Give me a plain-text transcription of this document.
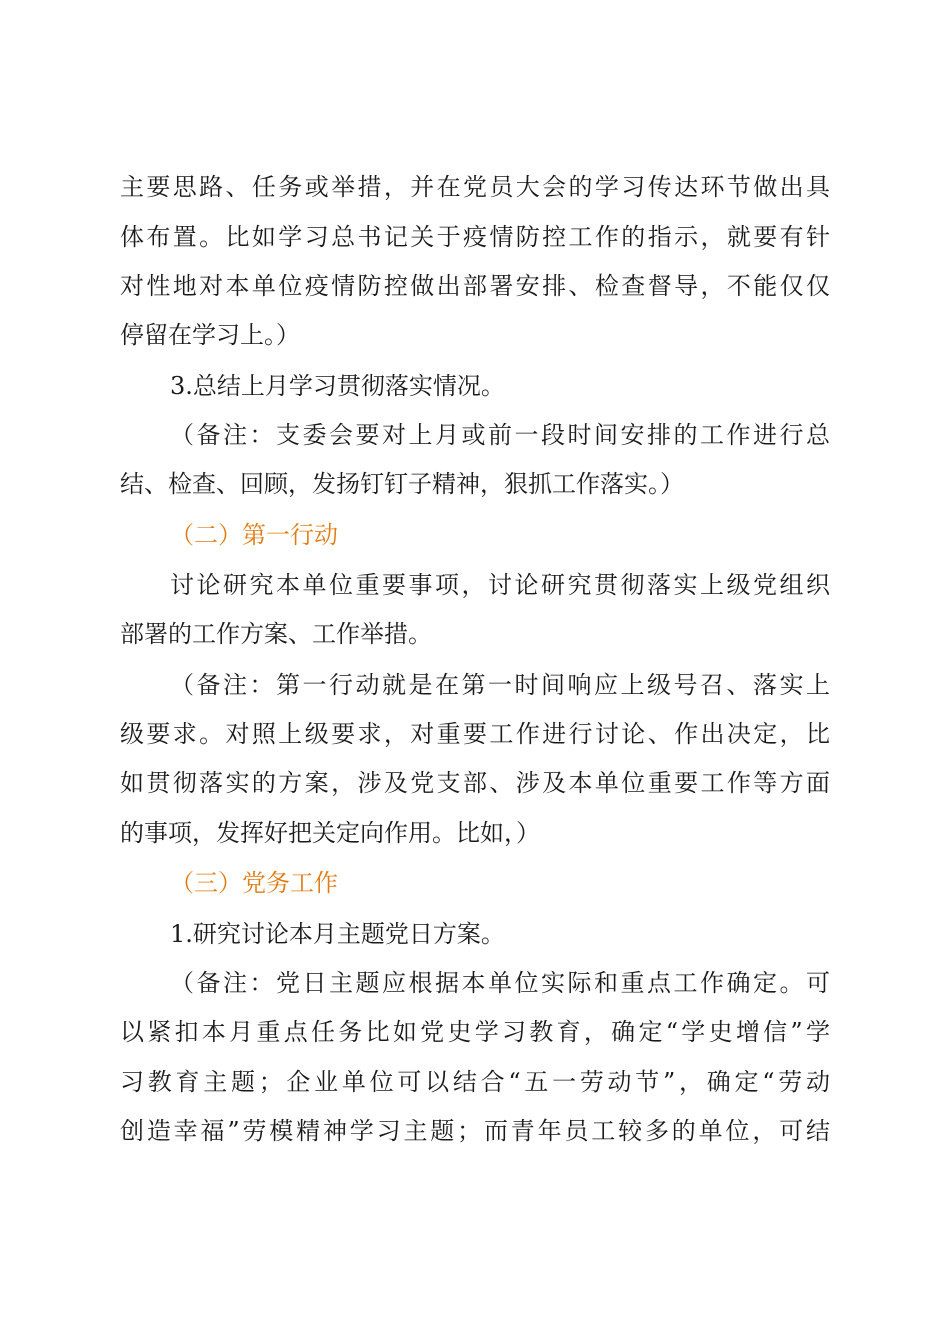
主要思路、任务或举措，并在党员大会的学习传达环节做出具
体布置。比如学习总书记关于疫情防控工作的指示，就要有针
对性地对本单位疫情防控做出部署安排、检查督导，不能仅仅
停留在学习上。）
3.总结上月学习贯彻落实情况。
（备注：支委会要对上月或前一段时间安排的工作进行总
结、检查、回顾，发扬钉钉子精神，狠抓工作落实。）
（二）第一行动
讨论研究本单位重要事项，讨论研究贯彻落实上级党组织
部署的工作方案、工作举措。
（备注：第一行动就是在第一时间响应上级号召、落实上
级要求。对照上级要求，对重要工作进行讨论、作出决定，比
如贯彻落实的方案，涉及党支部、涉及本单位重要工作等方面
的事项，发挥好把关定向作用。比如，）
（三）党务工作
1.研究讨论本月主题党日方案。
（备注：党日主题应根据本单位实际和重点工作确定。可
以紧扣本月重点任务比如党史学习教育，确定“学史增信”学
习教育主题；企业单位可以结合“五一劳动节”，确定“劳动
创造幸福”劳模精神学习主题；而青年员工较多的单位，可结
